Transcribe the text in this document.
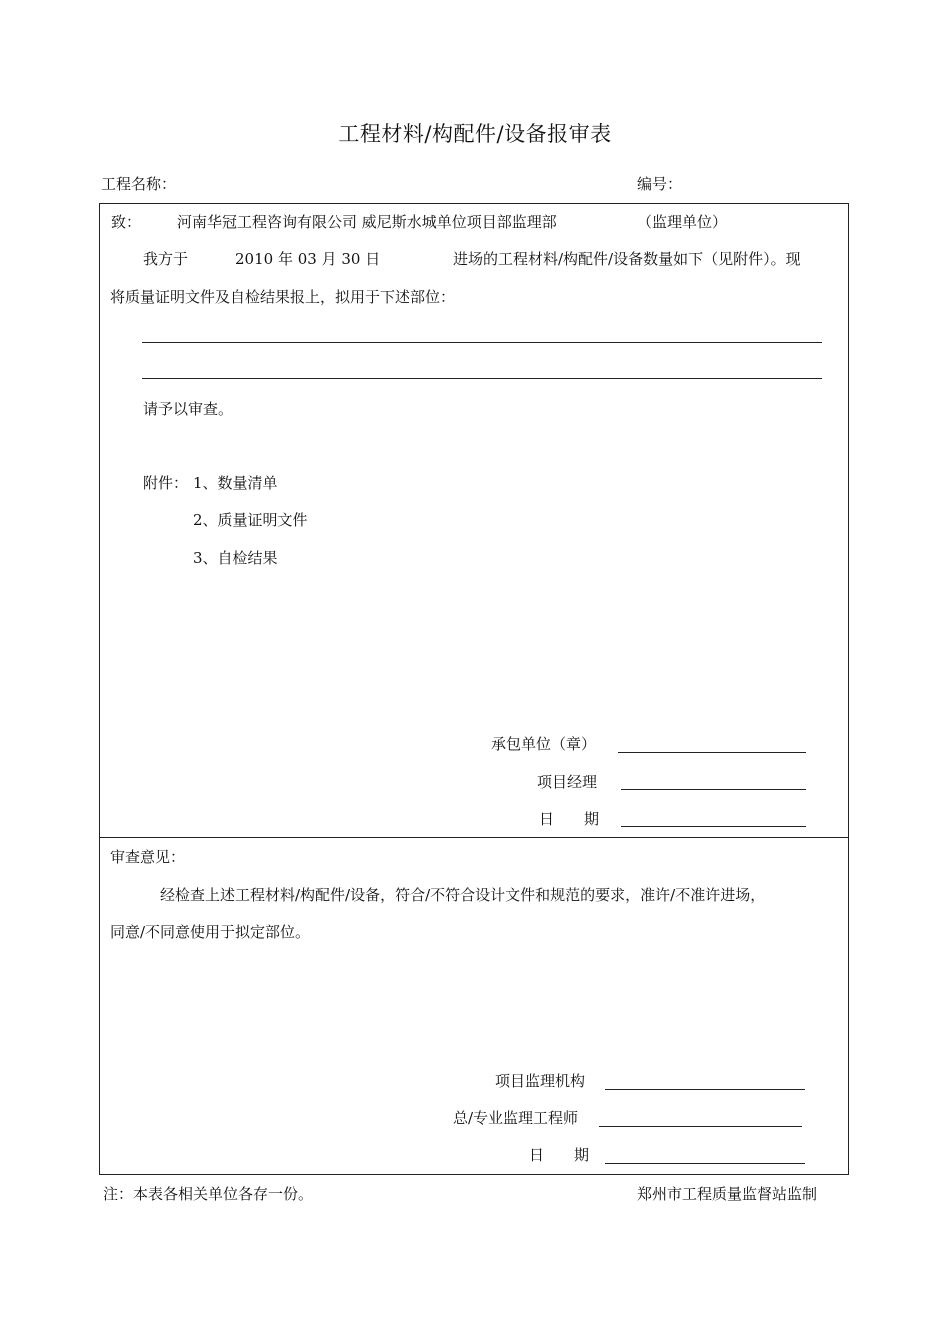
工程材料/构配件/设备报审表
工程名称：	编号：
致： 河南华冠工程咨询有限公司 威尼斯水城单位项目部监理部	（监理单位）
我方于	2010 年 03 月 30 日	进场的工程材料/构配件/设备数量如下（见附件）。现
将质量证明文件及自检结果报上，拟用于下述部位：
请予以审查。
附件： 1、数量清单
2、质量证明文件
3、自检结果
承包单位（章）
项目经理
日　　期
审查意见：
经检查上述工程材料/构配件/设备，符合/不符合设计文件和规范的要求，准许/不准许进场，
同意/不同意使用于拟定部位。
项目监理机构
总/专业监理工程师
日　　期
注：本表各相关单位各存一份。	郑州市工程质量监督站监制
